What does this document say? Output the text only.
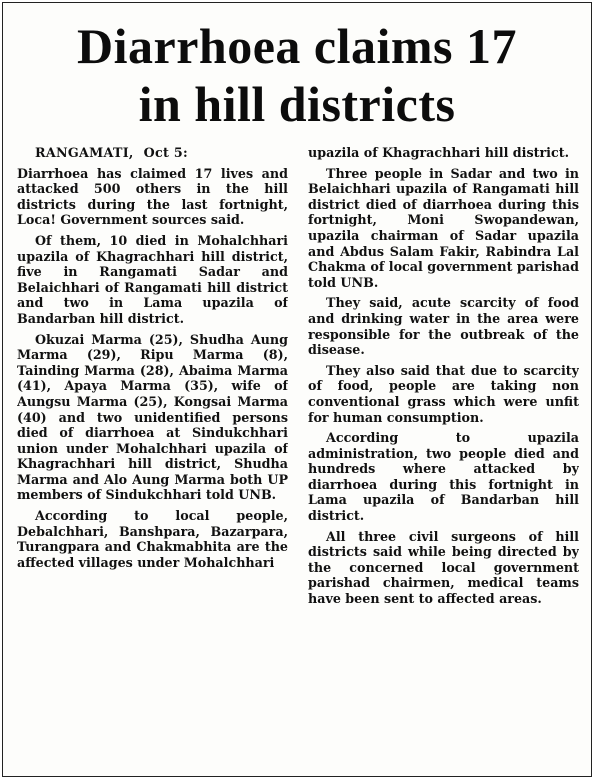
Diarrhoea claims 17
in hill districts

RANGAMATI, Oct 5:

Diarrhoea has claimed 17 lives and attacked 500 others in the hill districts during the last fortnight, Loca! Government sources said.

Of them, 10 died in Mohalchhari upazila of Khagrachhari hill district, five in Rangamati Sadar and Belaichhari of Rangamati hill district and two in Lama upazila of Bandarban hill district.

Okuzai Marma (25), Shudha Aung Marma (29), Ripu Marma (8), Tainding Marma (28), Abaima Marma (41), Apaya Marma (35), wife of Aungsu Marma (25), Kongsai Marma (40) and two unidentified persons died of diarrhoea at Sindukchhari union under Mohalchhari upazila of Khagrachhari hill district, Shudha Marma and Alo Aung Marma both UP members of Sindukchhari told UNB.

According to local people, Debalchhari, Banshpara, Bazarpara, Turangpara and Chakmabhita are the affected villages under Mohalchhari

upazila of Khagrachhari hill district.

Three people in Sadar and two in Belaichhari upazila of Rangamati hill district died of diarrhoea during this fortnight, Moni Swopandewan, upazila chairman of Sadar upazila and Abdus Salam Fakir, Rabindra Lal Chakma of local government parishad told UNB.

They said, acute scarcity of food and drinking water in the area were responsible for the outbreak of the disease.

They also said that due to scarcity of food, people are taking non conventional grass which were unfit for human consumption.

According to upazila administration, two people died and hundreds where attacked by diarrhoea during this fortnight in Lama upazila of Bandarban hill district.

All three civil surgeons of hill districts said while being directed by the concerned local government parishad chairmen, medical teams have been sent to affected areas.
